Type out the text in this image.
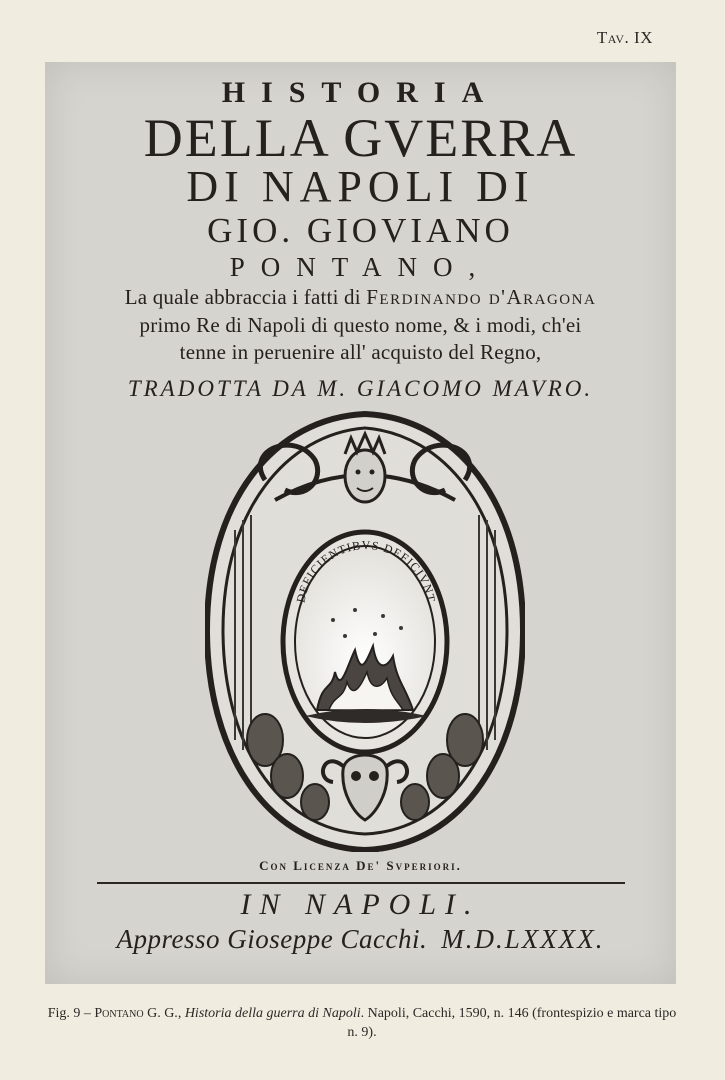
Tav. IX
HISTORIA
DELLA GVERRA
DI NAPOLI DI
GIO. GIOVIANO
PONTANO,
La quale abbraccia i fatti di Ferdinando d'Aragona
primo Re di Napoli di questo nome, & i modi, ch'ei
tenne in peruenire all' acquisto del Regno,
TRADOTTA DA M. GIACOMO MAVRO.
DEFICIENTIBVS DEFICIVNT
Con Licenza De' Svperiori.
IN NAPOLI.
Appresso Gioseppe Cacchi. M.D.LXXXX.
Fig. 9 – Pontano G. G., Historia della guerra di Napoli. Napoli, Cacchi, 1590, n. 146 (frontespizio e marca tipo n. 9).
